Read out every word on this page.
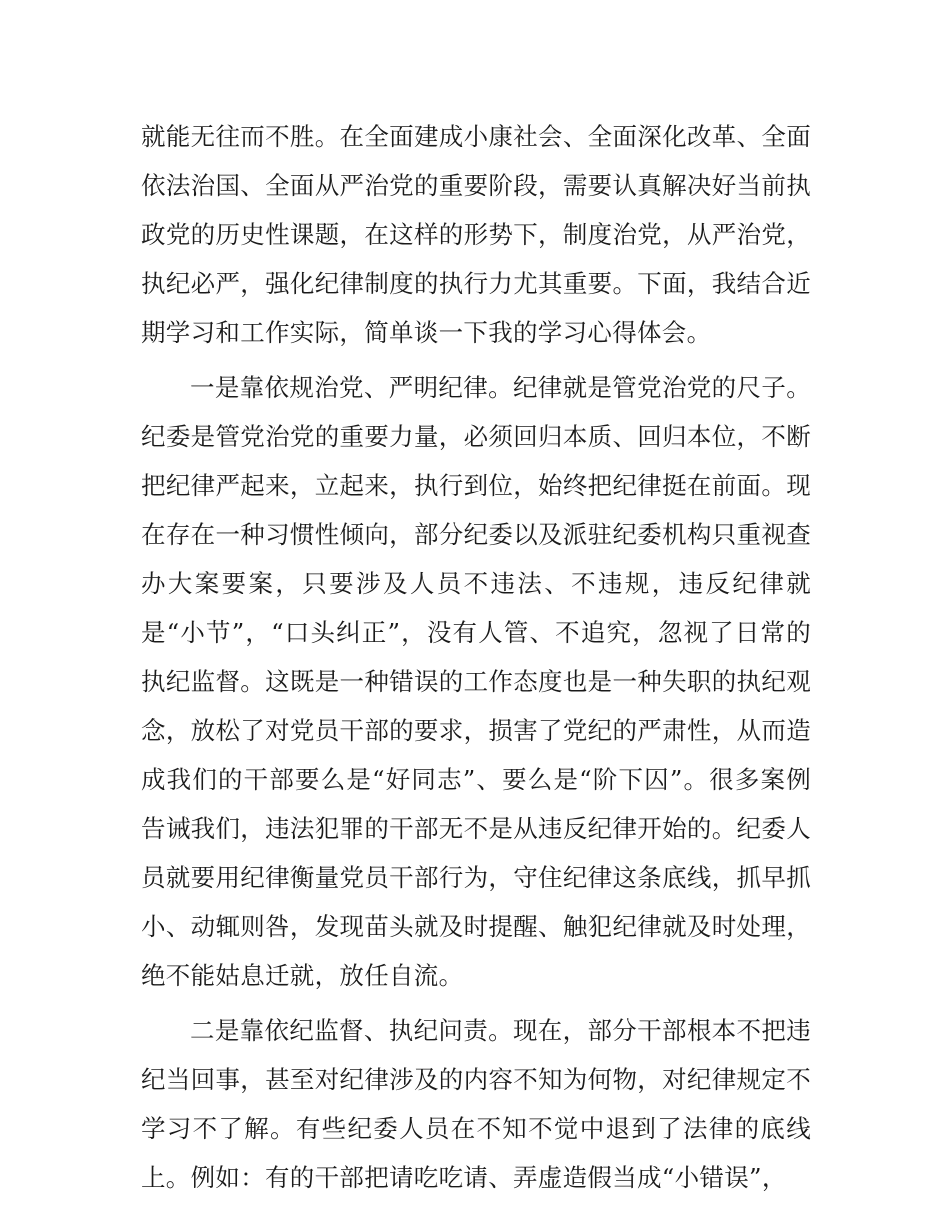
就能无往而不胜。在全面建成小康社会、全面深化改革、全面依法治国、全面从严治党的重要阶段，需要认真解决好当前执政党的历史性课题，在这样的形势下，制度治党，从严治党，执纪必严，强化纪律制度的执行力尤其重要。下面，我结合近期学习和工作实际，简单谈一下我的学习心得体会。

一是靠依规治党、严明纪律。纪律就是管党治党的尺子。纪委是管党治党的重要力量，必须回归本质、回归本位，不断把纪律严起来，立起来，执行到位，始终把纪律挺在前面。现在存在一种习惯性倾向，部分纪委以及派驻纪委机构只重视查办大案要案，只要涉及人员不违法、不违规，违反纪律就是“小节”，“口头纠正”，没有人管、不追究，忽视了日常的执纪监督。这既是一种错误的工作态度也是一种失职的执纪观念，放松了对党员干部的要求，损害了党纪的严肃性，从而造成我们的干部要么是“好同志”、要么是“阶下囚”。很多案例告诫我们，违法犯罪的干部无不是从违反纪律开始的。纪委人员就要用纪律衡量党员干部行为，守住纪律这条底线，抓早抓小、动辄则咎，发现苗头就及时提醒、触犯纪律就及时处理，绝不能姑息迁就，放任自流。

二是靠依纪监督、执纪问责。现在，部分干部根本不把违纪当回事，甚至对纪律涉及的内容不知为何物，对纪律规定不学习不了解。有些纪委人员在不知不觉中退到了法律的底线上。例如：有的干部把请吃吃请、弄虚造假当成“小错误”，
